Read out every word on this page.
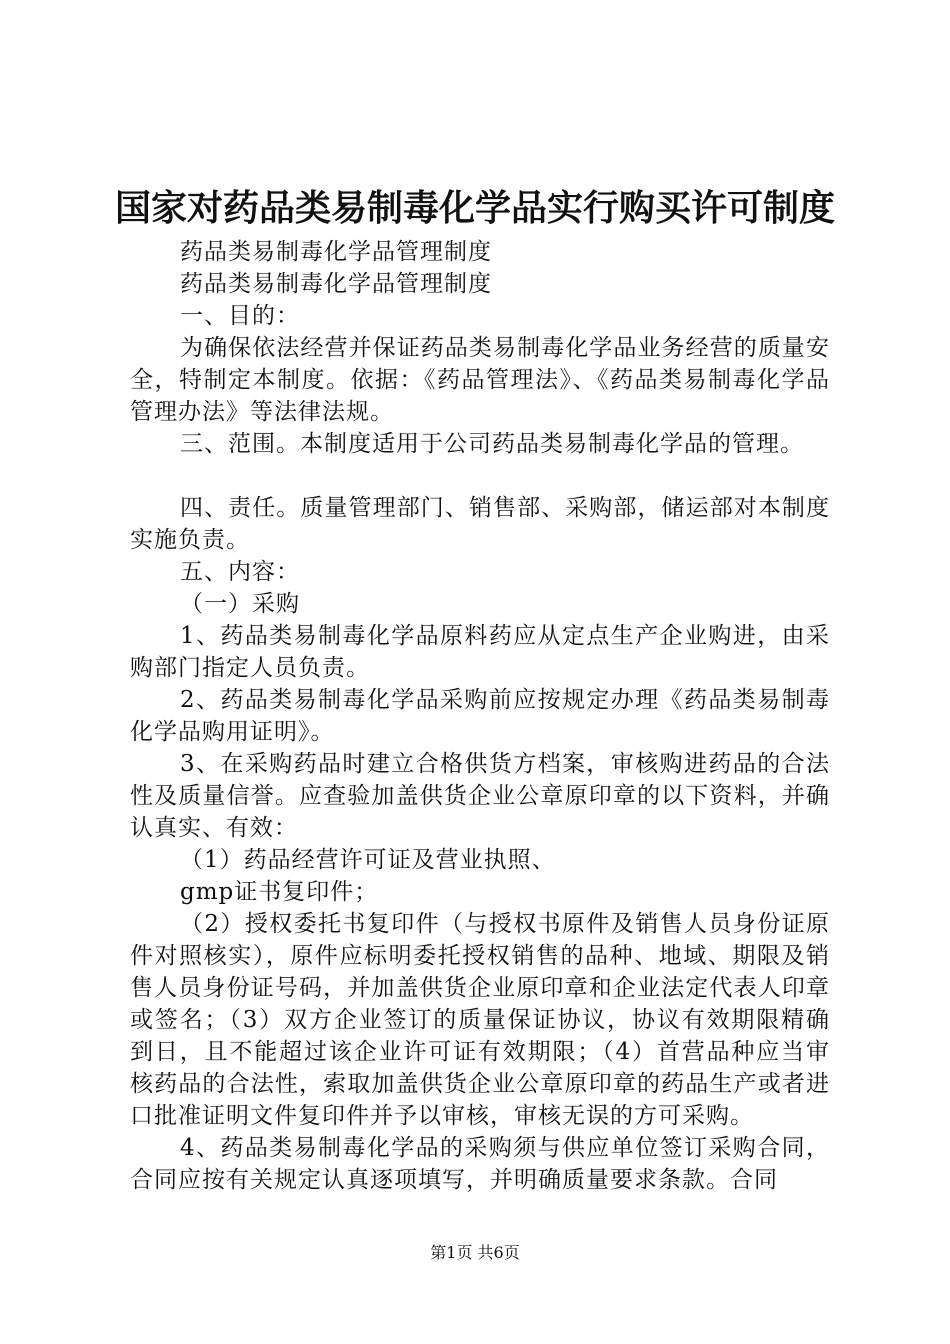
国家对药品类易制毒化学品实行购买许可制度

药品类易制毒化学品管理制度

药品类易制毒化学品管理制度

一、目的：

为确保依法经营并保证药品类易制毒化学品业务经营的质量安全，特制定本制度。依据：《药品管理法》、《药品类易制毒化学品管理办法》等法律法规。

三、范围。本制度适用于公司药品类易制毒化学品的管理。

四、责任。质量管理部门、销售部、采购部，储运部对本制度实施负责。

五、内容：

（一）采购

1、药品类易制毒化学品原料药应从定点生产企业购进，由采购部门指定人员负责。

2、药品类易制毒化学品采购前应按规定办理《药品类易制毒化学品购用证明》。

3、在采购药品时建立合格供货方档案，审核购进药品的合法性及质量信誉。应查验加盖供货企业公章原印章的以下资料，并确认真实、有效：

（1）药品经营许可证及营业执照、

gmp证书复印件；

（2）授权委托书复印件（与授权书原件及销售人员身份证原件对照核实），原件应标明委托授权销售的品种、地域、期限及销售人员身份证号码，并加盖供货企业原印章和企业法定代表人印章或签名；（3）双方企业签订的质量保证协议，协议有效期限精确到日，且不能超过该企业许可证有效期限；（4）首营品种应当审核药品的合法性，索取加盖供货企业公章原印章的药品生产或者进口批准证明文件复印件并予以审核，审核无误的方可采购。

4、药品类易制毒化学品的采购须与供应单位签订采购合同，合同应按有关规定认真逐项填写，并明确质量要求条款。合同

第1页 共6页
